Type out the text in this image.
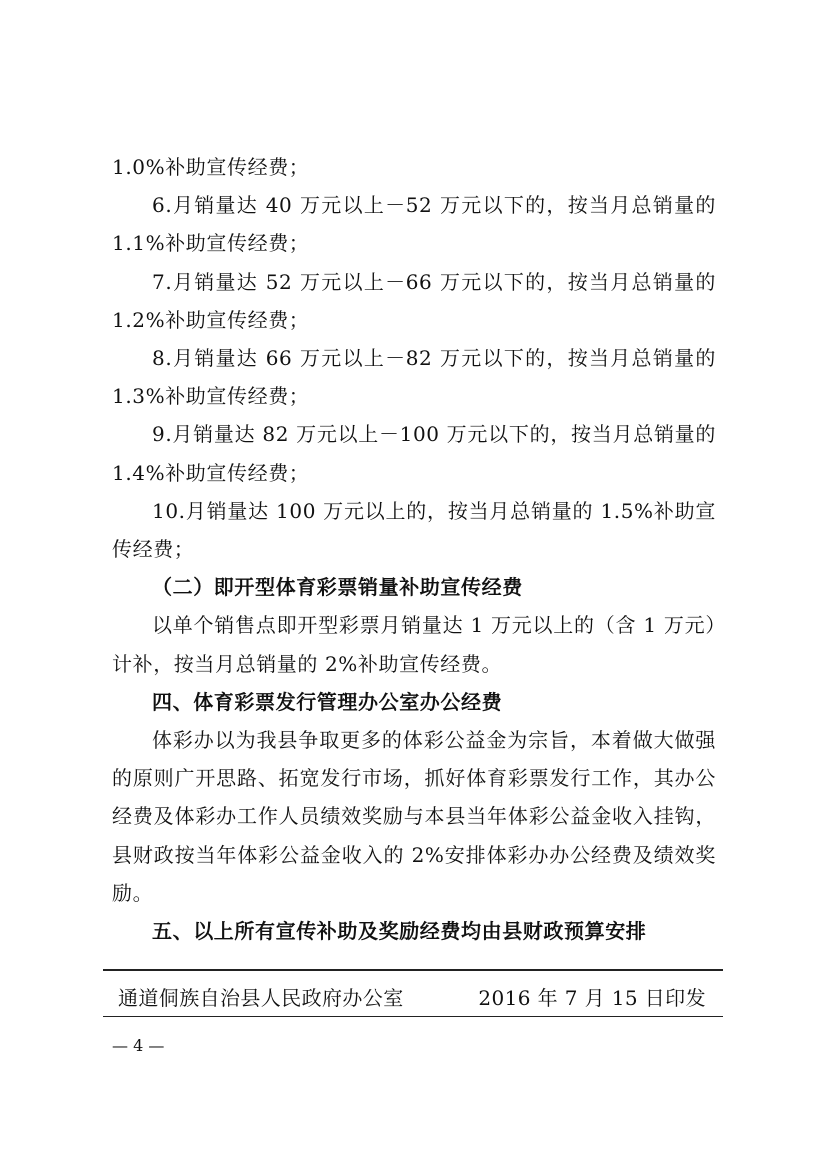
1.0%补助宣传经费；

6.月销量达 40 万元以上－52 万元以下的，按当月总销量的 1.1%补助宣传经费；

7.月销量达 52 万元以上－66 万元以下的，按当月总销量的 1.2%补助宣传经费；

8.月销量达 66 万元以上－82 万元以下的，按当月总销量的 1.3%补助宣传经费；

9.月销量达 82 万元以上－100 万元以下的，按当月总销量的 1.4%补助宣传经费；

10.月销量达 100 万元以上的，按当月总销量的 1.5%补助宣传经费；

（二）即开型体育彩票销量补助宣传经费

以单个销售点即开型彩票月销量达 1 万元以上的（含 1 万元）计补，按当月总销量的 2%补助宣传经费。

四、体育彩票发行管理办公室办公经费

体彩办以为我县争取更多的体彩公益金为宗旨，本着做大做强的原则广开思路、拓宽发行市场，抓好体育彩票发行工作，其办公经费及体彩办工作人员绩效奖励与本县当年体彩公益金收入挂钩，县财政按当年体彩公益金收入的 2%安排体彩办办公经费及绩效奖励。

五、以上所有宣传补助及奖励经费均由县财政预算安排

通道侗族自治县人民政府办公室	2016 年 7 月 15 日印发
— 4 —
